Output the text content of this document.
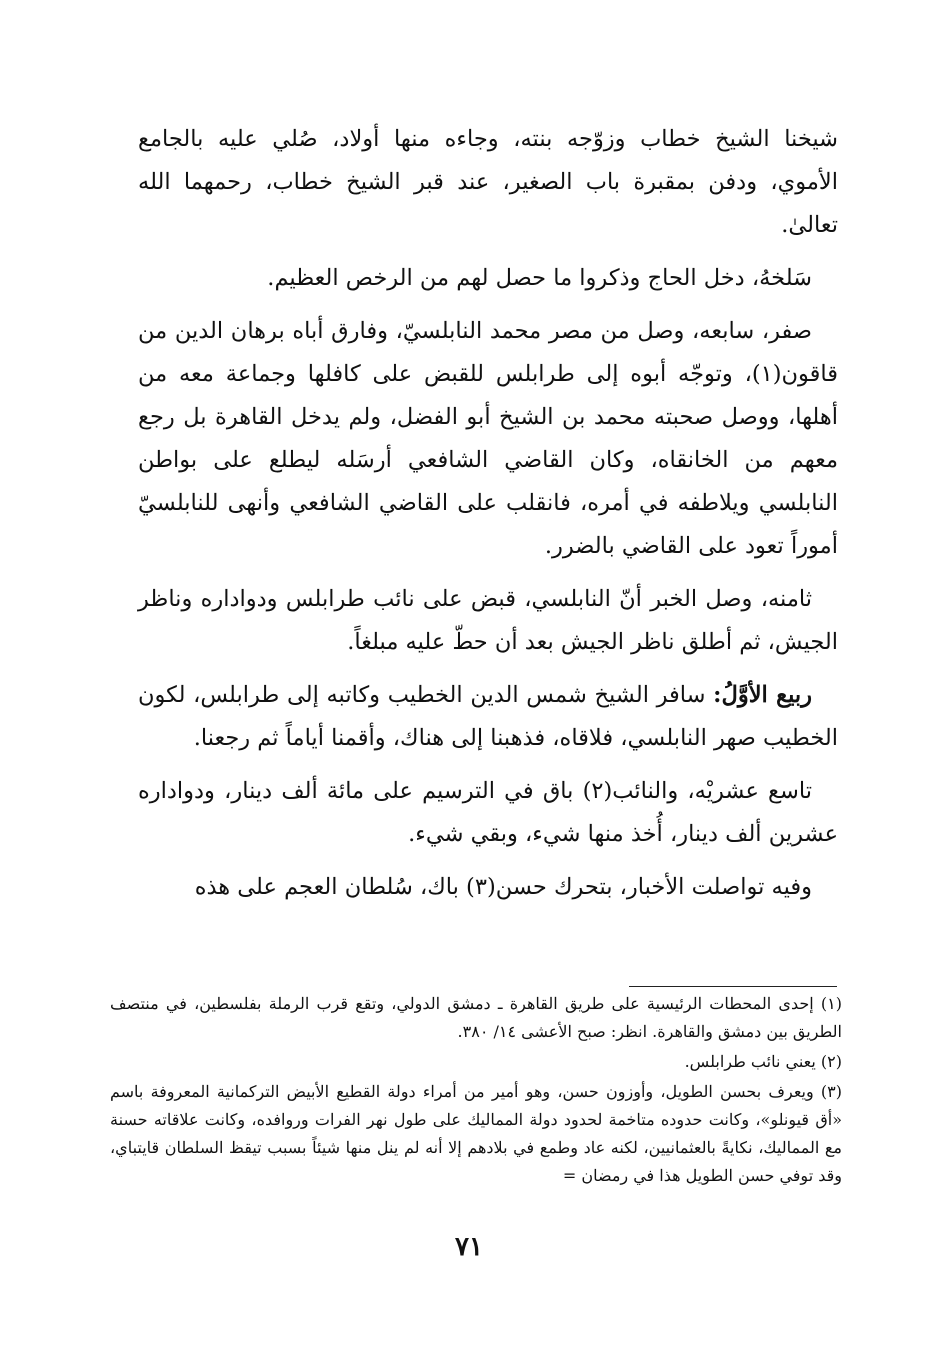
شيخنا الشيخ خطاب وزوّجه بنته، وجاءه منها أولاد، صُلي عليه بالجامع الأموي، ودفن بمقبرة باب الصغير، عند قبر الشيخ خطاب، رحمهما الله تعالىٰ.

سَلخهُ، دخل الحاج وذكروا ما حصل لهم من الرخص العظيم.

صفر، سابعه، وصل من مصر محمد النابلسيّ، وفارق أباه برهان الدين من قاقون(١)، وتوجّه أبوه إلى طرابلس للقبض على كافلها وجماعة معه من أهلها، ووصل صحبته محمد بن الشيخ أبو الفضل، ولم يدخل القاهرة بل رجع معهم من الخانقاه، وكان القاضي الشافعي أرسَله ليطلع على بواطن النابلسي ويلاطفه في أمره، فانقلب على القاضي الشافعي وأنهى للنابلسيّ أموراً تعود على القاضي بالضرر.

ثامنه، وصل الخبر أنّ النابلسي، قبض على نائب طرابلس ودواداره وناظر الجيش، ثم أطلق ناظر الجيش بعد أن حطّ عليه مبلغاً.

ربيع الأوَّلُ: سافر الشيخ شمس الدين الخطيب وكاتبه إلى طرابلس، لكون الخطيب صهر النابلسي، فلاقاه، فذهبنا إلى هناك، وأقمنا أياماً ثم رجعنا.

تاسع عشريْه، والنائب(٢) باق في الترسيم على مائة ألف دينار، ودواداره عشرين ألف دينار، أُخذ منها شيء، وبقي شيء.

وفيه تواصلت الأخبار، بتحرك حسن(٣) باك، سُلطان العجم على هذه

(١) إحدى المحطات الرئيسية على طريق القاهرة ـ دمشق الدولي، وتقع قرب الرملة بفلسطين، في منتصف الطريق بين دمشق والقاهرة. انظر: صبح الأعشى ١٤/ ٣٨٠.

(٢) يعني نائب طرابلس.

(٣) ويعرف بحسن الطويل، وأوزون حسن، وهو أمير من أمراء دولة القطيع الأبيض التركمانية المعروفة باسم «أق قيونلو»، وكانت حدوده متاخمة لحدود دولة المماليك على طول نهر الفرات وروافده، وكانت علاقاته حسنة مع المماليك، نكايةً بالعثمانيين، لكنه عاد وطمع في بلادهم إلا أنه لم ينل منها شيئاً بسبب تيقظ السلطان قايتباي، وقد توفي حسن الطويل هذا في رمضان =

٧١
